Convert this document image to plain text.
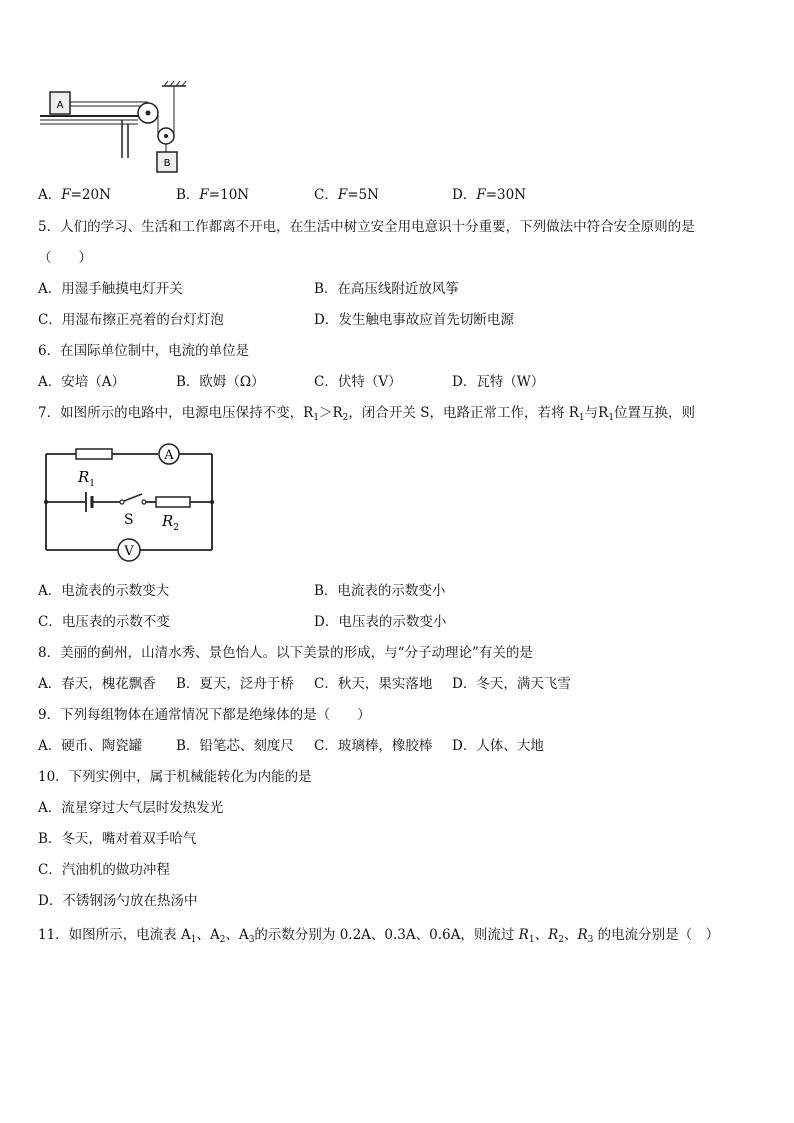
A
B
A．F=20N	B．F=10N	C．F=5N	D．F=30N
5．人们的学习、生活和工作都离不开电，在生活中树立安全用电意识十分重要，下列做法中符合安全原则的是
（　　）
A．用湿手触摸电灯开关	B．在高压线附近放风筝
C．用湿布擦正亮着的台灯灯泡	D．发生触电事故应首先切断电源
6．在国际单位制中，电流的单位是
A．安培（A）	B．欧姆（Ω）	C．伏特（V）	D．瓦特（W）
7．如图所示的电路中，电源电压保持不变，$R_1>R_2$，闭合开关 S，电路正常工作，若将 $R_1$与$R_1$位置互换，则
A
$R_1$
S $R_2$
V
A．电流表的示数变大	B．电流表的示数变小
C．电压表的示数不变	D．电压表的示数变小
8．美丽的蓟州，山清水秀、景色怡人。以下美景的形成，与“分子动理论”有关的是
A．春天，槐花飘香 B．夏天，泛舟于桥 C．秋天，果实落地 D．冬天，满天飞雪
9．下列每组物体在通常情况下都是绝缘体的是（　　）
A．硬币、陶瓷罐	B．铅笔芯、刻度尺 C．玻璃棒，橡胶棒 D．人体、大地
10．下列实例中，属于机械能转化为内能的是
A．流星穿过大气层时发热发光
B．冬天，嘴对着双手哈气
C．汽油机的做功冲程
D．不锈钢汤勺放在热汤中
11．如图所示，电流表 $A_1$、$A_2$、$A_3$的示数分别为 0.2A、0.3A、0.6A，则流过 $R_1$、$R_2$、$R_3$ 的电流分别是（　）
